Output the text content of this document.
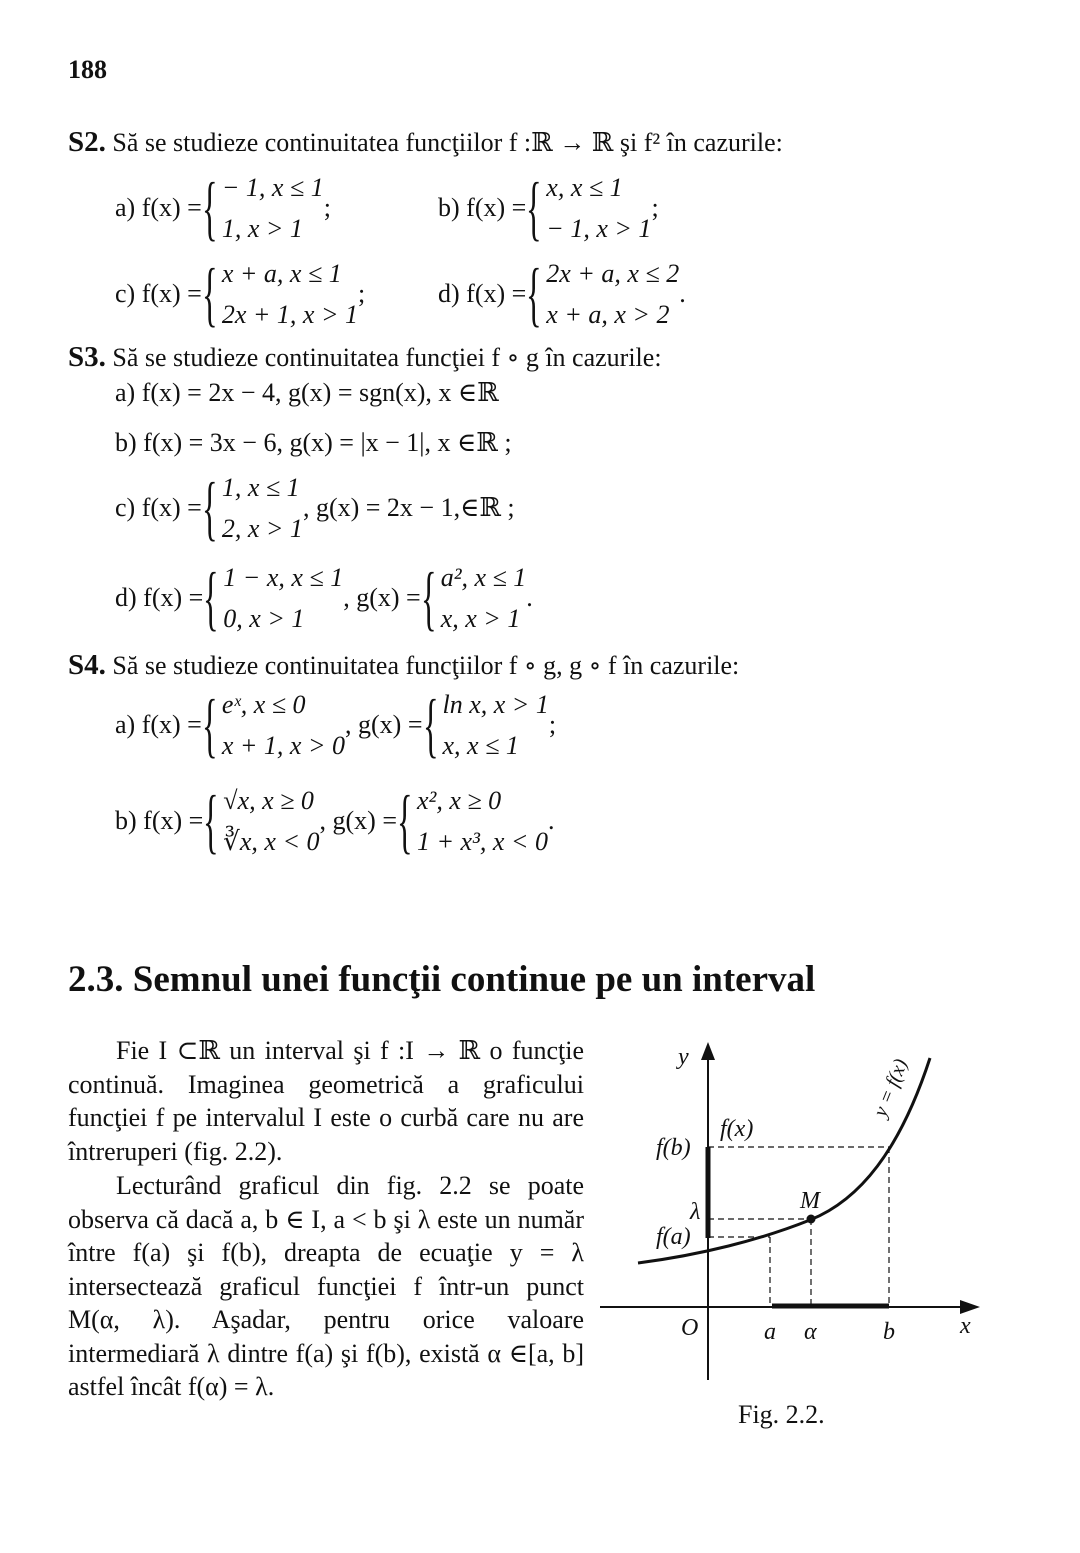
188
S2. Să se studieze continuitatea funcţiilor f :ℝ → ℝ şi f² în cazurile:
a) f(x) = { − 1, x ≤ 1
1, x > 1
;	b) f(x) = { x, x ≤ 1
− 1, x > 1
;
c) f(x) = { x + a, x ≤ 1
2x + 1, x > 1
;	d) f(x) = { 2x + a, x ≤ 2
x + a, x > 2
.
S3. Să se studieze continuitatea funcţiei f ∘ g în cazurile:
a) f(x) = 2x − 4, g(x) = sgn(x), x ∈ℝ
b) f(x) = 3x − 6, g(x) = |x − 1|, x ∈ℝ ;
c) f(x) = { 1, x ≤ 1
2, x > 1
, g(x) = 2x − 1,∈ℝ ;
d) f(x) = { 1 − x, x ≤ 1
0, x > 1
, g(x) = { a², x ≤ 1
x, x > 1
.
S4. Să se studieze continuitatea funcţiilor f ∘ g, g ∘ f în cazurile:
a) f(x) = { eˣ, x ≤ 0
x + 1, x > 0
, g(x) = { ln x, x > 1
x, x ≤ 1
;
b) f(x) = { √x, x ≥ 0
∛x, x < 0
, g(x) = { x², x ≥ 0
1 + x³, x < 0
.
2.3. Semnul unei funcţii continue pe un interval

Fie I ⊂ℝ un interval şi f :I → ℝ o funcţie continuă. Imaginea geometrică a graficului funcţiei f pe intervalul I este o curbă care nu are întreruperi (fig. 2.2).

Lecturând graficul din fig. 2.2 se poate observa că dacă a, b ∈ I, a < b şi λ este un număr între f(a) şi f(b), dreapta de ecuaţie y = λ intersectează graficul funcţiei f într-un punct M(α, λ). Aşadar, pentru orice valoare intermediară λ dintre f(a) şi f(b), există α ∈[a, b] astfel încât f(α) = λ.

y
x
O
f(b)
f(x)
λ
f(a)
M
a α	b
y = f(x)
Fig. 2.2.
